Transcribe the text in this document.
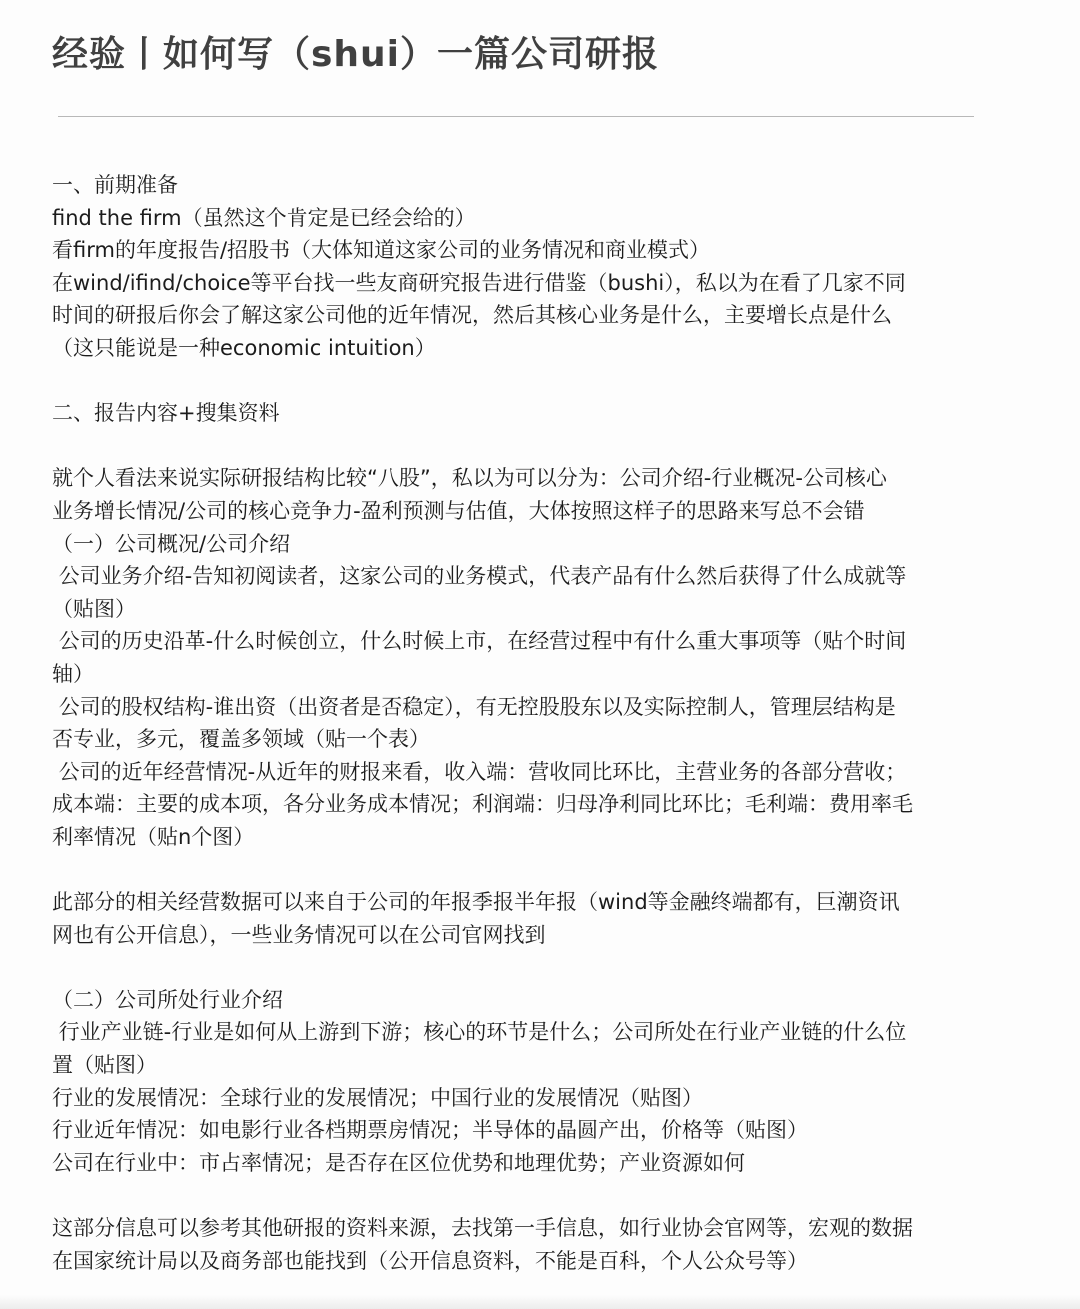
经验丨如何写（shui）一篇公司研报
一、前期准备
find the firm（虽然这个肯定是已经会给的）
看firm的年度报告/招股书（大体知道这家公司的业务情况和商业模式）
在wind/ifind/choice等平台找一些友商研究报告进行借鉴（bushi），私以为在看了几家不同
时间的研报后你会了解这家公司他的近年情况，然后其核心业务是什么，主要增长点是什么
（这只能说是一种economic intuition）
二、报告内容+搜集资料
就个人看法来说实际研报结构比较“八股”，私以为可以分为：公司介绍-行业概况-公司核心
业务增长情况/公司的核心竞争力-盈利预测与估值，大体按照这样子的思路来写总不会错
（一）公司概况/公司介绍
公司业务介绍-告知初阅读者，这家公司的业务模式，代表产品有什么然后获得了什么成就等
（贴图）
公司的历史沿革-什么时候创立，什么时候上市，在经营过程中有什么重大事项等（贴个时间
轴）
公司的股权结构-谁出资（出资者是否稳定），有无控股股东以及实际控制人，管理层结构是
否专业，多元，覆盖多领域（贴一个表）
公司的近年经营情况-从近年的财报来看，收入端：营收同比环比，主营业务的各部分营收；
成本端：主要的成本项，各分业务成本情况；利润端：归母净利同比环比；毛利端：费用率毛
利率情况（贴n个图）
此部分的相关经营数据可以来自于公司的年报季报半年报（wind等金融终端都有，巨潮资讯
网也有公开信息），一些业务情况可以在公司官网找到
（二）公司所处行业介绍
行业产业链-行业是如何从上游到下游；核心的环节是什么；公司所处在行业产业链的什么位
置（贴图）
行业的发展情况：全球行业的发展情况；中国行业的发展情况（贴图）
行业近年情况：如电影行业各档期票房情况；半导体的晶圆产出，价格等（贴图）
公司在行业中：市占率情况；是否存在区位优势和地理优势；产业资源如何
这部分信息可以参考其他研报的资料来源，去找第一手信息，如行业协会官网等，宏观的数据
在国家统计局以及商务部也能找到（公开信息资料，不能是百科，个人公众号等）
